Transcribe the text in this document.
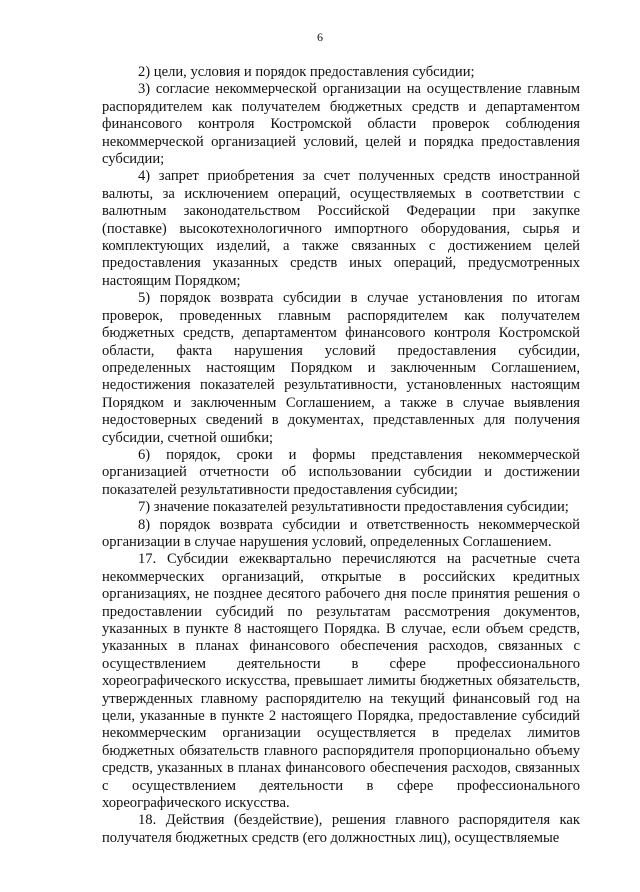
6

2) цели, условия и порядок предоставления субсидии;

3) согласие некоммерческой организации на осуществление главным распорядителем как получателем бюджетных средств и департаментом финансового контроля Костромской области проверок соблюдения некоммерческой организацией условий, целей и порядка предоставления субсидии;

4) запрет приобретения за счет полученных средств иностранной валюты, за исключением операций, осуществляемых в соответствии с валютным законодательством Российской Федерации при закупке (поставке) высокотехнологичного импортного оборудования, сырья и комплектующих изделий, а также связанных с достижением целей предоставления указанных средств иных операций, предусмотренных настоящим Порядком;

5) порядок возврата субсидии в случае установления по итогам проверок, проведенных главным распорядителем как получателем бюджетных средств, департаментом финансового контроля Костромской области, факта нарушения условий предоставления субсидии, определенных настоящим Порядком и заключенным Соглашением, недостижения показателей результативности, установленных настоящим Порядком и заключенным Соглашением, а также в случае выявления недостоверных сведений в документах, представленных для получения субсидии, счетной ошибки;

6) порядок, сроки и формы представления некоммерческой организацией отчетности об использовании субсидии и достижении показателей результативности предоставления субсидии;

7) значение показателей результативности предоставления субсидии;

8) порядок возврата субсидии и ответственность некоммерческой организации в случае нарушения условий, определенных Соглашением.

17. Субсидии ежеквартально перечисляются на расчетные счета некоммерческих организаций, открытые в российских кредитных организациях, не позднее десятого рабочего дня после принятия решения о предоставлении субсидий по результатам рассмотрения документов, указанных в пункте 8 настоящего Порядка. В случае, если объем средств, указанных в планах финансового обеспечения расходов, связанных с осуществлением деятельности в сфере профессионального хореографического искусства, превышает лимиты бюджетных обязательств, утвержденных главному распорядителю на текущий финансовый год на цели, указанные в пункте 2 настоящего Порядка, предоставление субсидий некоммерческим организации осуществляется в пределах лимитов бюджетных обязательств главного распорядителя пропорционально объему средств, указанных в планах финансового обеспечения расходов, связанных с осуществлением деятельности в сфере профессионального хореографического искусства.

18. Действия (бездействие), решения главного распорядителя как получателя бюджетных средств (его должностных лиц), осуществляемые
